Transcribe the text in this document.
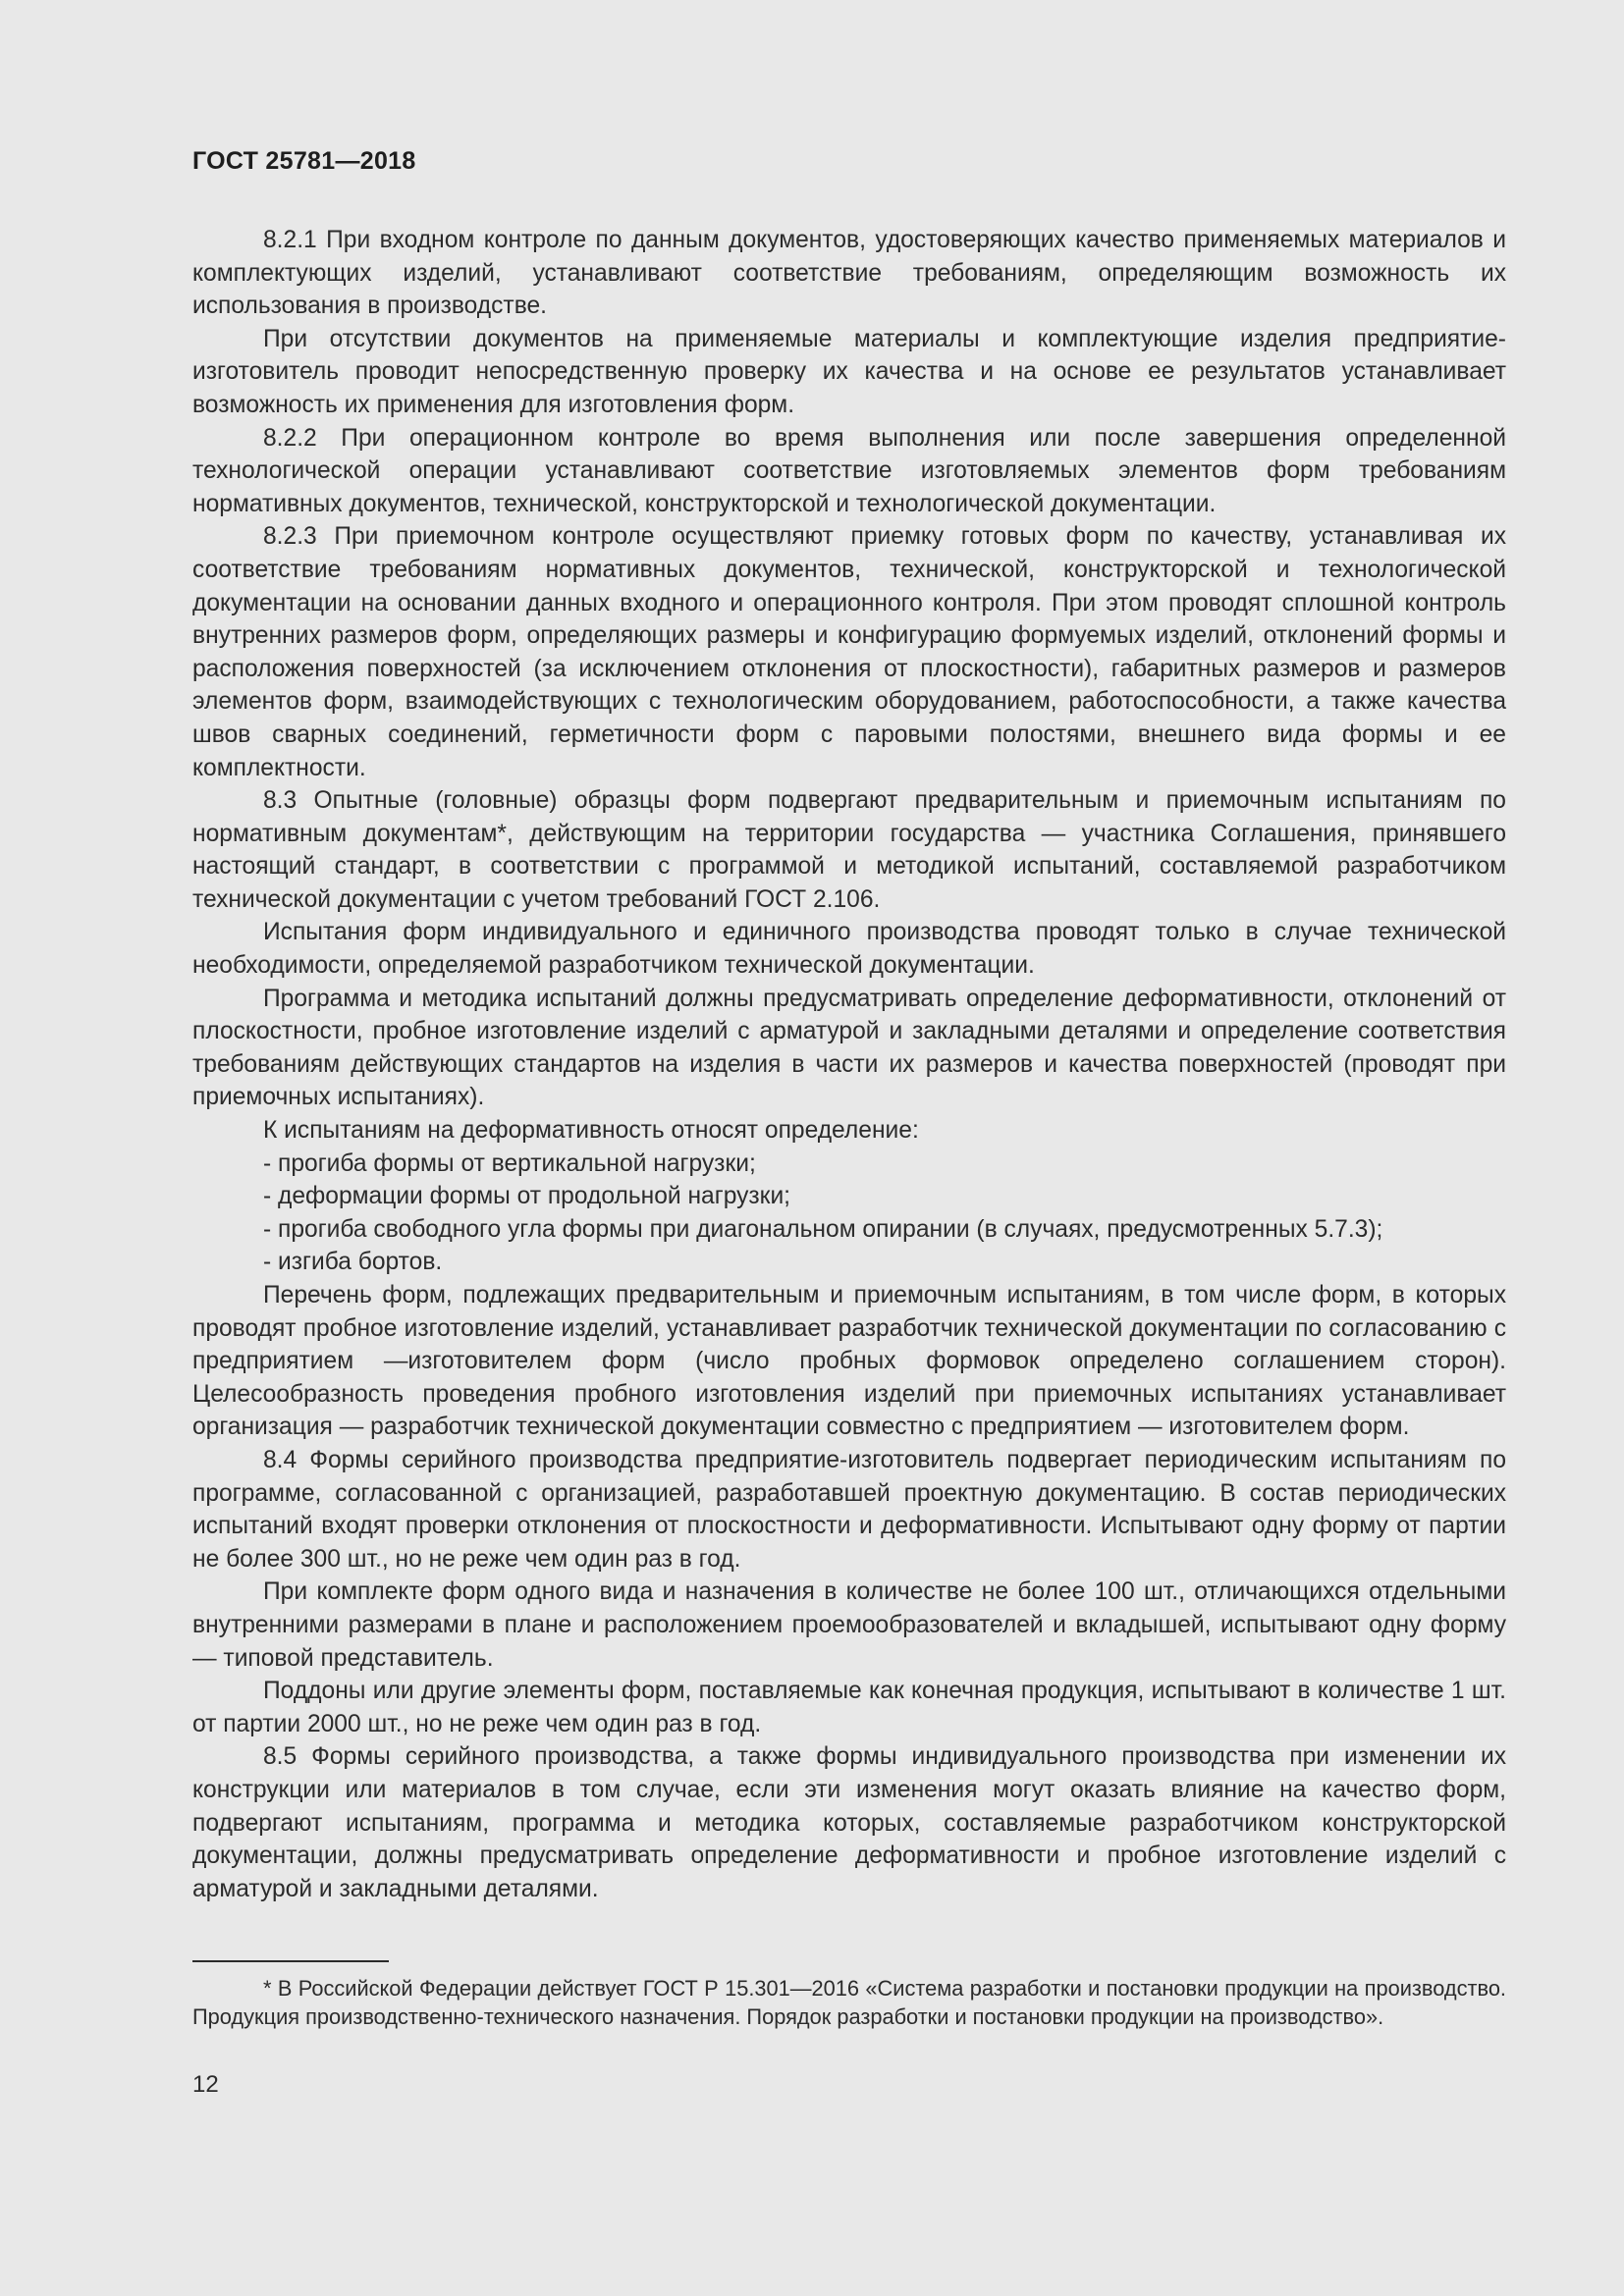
ГОСТ 25781—2018

8.2.1 При входном контроле по данным документов, удостоверяющих качество применяемых материалов и комплектующих изделий, устанавливают соответствие требованиям, определяющим возможность их использования в производстве.

При отсутствии документов на применяемые материалы и комплектующие изделия предприятие-изготовитель проводит непосредственную проверку их качества и на основе ее результатов устанавливает возможность их применения для изготовления форм.

8.2.2 При операционном контроле во время выполнения или после завершения определенной технологической операции устанавливают соответствие изготовляемых элементов форм требованиям нормативных документов, технической, конструкторской и технологической документации.

8.2.3 При приемочном контроле осуществляют приемку готовых форм по качеству, устанавливая их соответствие требованиям нормативных документов, технической, конструкторской и технологической документации на основании данных входного и операционного контроля. При этом проводят сплошной контроль внутренних размеров форм, определяющих размеры и конфигурацию формуемых изделий, отклонений формы и расположения поверхностей (за исключением отклонения от плоскостности), габаритных размеров и размеров элементов форм, взаимодействующих с технологическим оборудованием, работоспособности, а также качества швов сварных соединений, герметичности форм с паровыми полостями, внешнего вида формы и ее комплектности.

8.3 Опытные (головные) образцы форм подвергают предварительным и приемочным испытаниям по нормативным документам*, действующим на территории государства — участника Соглашения, принявшего настоящий стандарт, в соответствии с программой и методикой испытаний, составляемой разработчиком технической документации с учетом требований ГОСТ 2.106.

Испытания форм индивидуального и единичного производства проводят только в случае технической необходимости, определяемой разработчиком технической документации.

Программа и методика испытаний должны предусматривать определение деформативности, отклонений от плоскостности, пробное изготовление изделий с арматурой и закладными деталями и определение соответствия требованиям действующих стандартов на изделия в части их размеров и качества поверхностей (проводят при приемочных испытаниях).

К испытаниям на деформативность относят определение:

- прогиба формы от вертикальной нагрузки;

- деформации формы от продольной нагрузки;

- прогиба свободного угла формы при диагональном опирании (в случаях, предусмотренных 5.7.3);

- изгиба бортов.

Перечень форм, подлежащих предварительным и приемочным испытаниям, в том числе форм, в которых проводят пробное изготовление изделий, устанавливает разработчик технической документации по согласованию с предприятием —изготовителем форм (число пробных формовок определено соглашением сторон). Целесообразность проведения пробного изготовления изделий при приемочных испытаниях устанавливает организация — разработчик технической документации совместно с предприятием — изготовителем форм.

8.4 Формы серийного производства предприятие-изготовитель подвергает периодическим испытаниям по программе, согласованной с организацией, разработавшей проектную документацию. В состав периодических испытаний входят проверки отклонения от плоскостности и деформативности. Испытывают одну форму от партии не более 300 шт., но не реже чем один раз в год.

При комплекте форм одного вида и назначения в количестве не более 100 шт., отличающихся отдельными внутренними размерами в плане и расположением проемообразователей и вкладышей, испытывают одну форму — типовой представитель.

Поддоны или другие элементы форм, поставляемые как конечная продукция, испытывают в количестве 1 шт. от партии 2000 шт., но не реже чем один раз в год.

8.5 Формы серийного производства, а также формы индивидуального производства при изменении их конструкции или материалов в том случае, если эти изменения могут оказать влияние на качество форм, подвергают испытаниям, программа и методика которых, составляемые разработчиком конструкторской документации, должны предусматривать определение деформативности и пробное изготовление изделий с арматурой и закладными деталями.

* В Российской Федерации действует ГОСТ Р 15.301—2016 «Система разработки и постановки продукции на производство. Продукция производственно-технического назначения. Порядок разработки и постановки продукции на производство».

12
